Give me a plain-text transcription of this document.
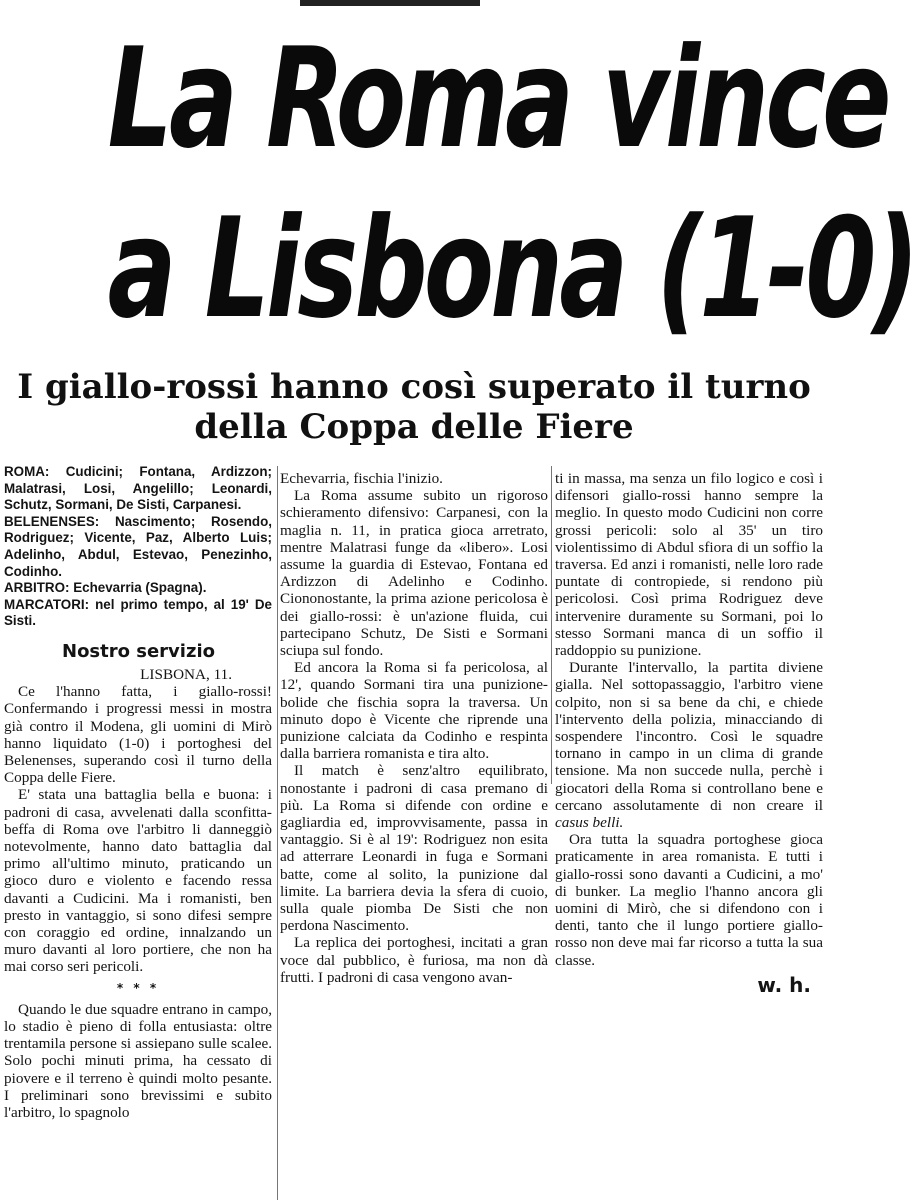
La Roma vince
a Lisbona (1-0)
I giallo-rossi hanno così superato il turno
della Coppa delle Fiere

ROMA: Cudicini; Fontana, Ardizzon; Malatrasi, Losi, Angelillo; Leonardi, Schutz, Sormani, De Sisti, Carpanesi.

BELENENSES: Nascimento; Rosendo, Rodriguez; Vicente, Paz, Alberto Luis; Adelinho, Abdul, Estevao, Penezinho, Codinho.

ARBITRO: Echevarria (Spagna).

MARCATORI: nel primo tempo, al 19' De Sisti.

Nostro servizio
LISBONA, 11.

Ce l'hanno fatta, i giallo-rossi! Confermando i progressi messi in mostra già contro il Modena, gli uomini di Mirò hanno liquidato (1-0) i portoghesi del Belenenses, superando così il turno della Coppa delle Fiere.

E' stata una battaglia bella e buona: i padroni di casa, avvelenati dalla sconfitta-beffa di Roma ove l'arbitro li danneggiò notevolmente, hanno dato battaglia dal primo all'ultimo minuto, praticando un gioco duro e violento e facendo ressa davanti a Cudicini. Ma i romanisti, ben presto in vantaggio, si sono difesi sempre con coraggio ed ordine, innalzando un muro davanti al loro portiere, che non ha mai corso seri pericoli.

* * *

Quando le due squadre entrano in campo, lo stadio è pieno di folla entusiasta: oltre trentamila persone si assiepano sulle scalee. Solo pochi minuti prima, ha cessato di piovere e il terreno è quindi molto pesante. I preliminari sono brevissimi e subito l'arbitro, lo spagnolo

Echevarria, fischia l'inizio.

La Roma assume subito un rigoroso schieramento difensivo: Carpanesi, con la maglia n. 11, in pratica gioca arretrato, mentre Malatrasi funge da «libero». Losi assume la guardia di Estevao, Fontana ed Ardizzon di Adelinho e Codinho. Ciononostante, la prima azione pericolosa è dei giallo-rossi: è un'azione fluida, cui partecipano Schutz, De Sisti e Sormani sciupa sul fondo.

Ed ancora la Roma si fa pericolosa, al 12', quando Sormani tira una punizione-bolide che fischia sopra la traversa. Un minuto dopo è Vicente che riprende una punizione calciata da Codinho e respinta dalla barriera romanista e tira alto.

Il match è senz'altro equilibrato, nonostante i padroni di casa premano di più. La Roma si difende con ordine e gagliardia ed, improvvisamente, passa in vantaggio. Si è al 19': Rodriguez non esita ad atterrare Leonardi in fuga e Sormani batte, come al solito, la punizione dal limite. La barriera devia la sfera di cuoio, sulla quale piomba De Sisti che non perdona Nascimento.

La replica dei portoghesi, incitati a gran voce dal pubblico, è furiosa, ma non dà frutti. I padroni di casa vengono avan-

ti in massa, ma senza un filo logico e così i difensori giallo-rossi hanno sempre la meglio. In questo modo Cudicini non corre grossi pericoli: solo al 35' un tiro violentissimo di Abdul sfiora di un soffio la traversa. Ed anzi i romanisti, nelle loro rade puntate di contropiede, si rendono più pericolosi. Così prima Rodriguez deve intervenire duramente su Sormani, poi lo stesso Sormani manca di un soffio il raddoppio su punizione.

Durante l'intervallo, la partita diviene gialla. Nel sottopassaggio, l'arbitro viene colpito, non si sa bene da chi, e chiede l'intervento della polizia, minacciando di sospendere l'incontro. Così le squadre tornano in campo in un clima di grande tensione. Ma non succede nulla, perchè i giocatori della Roma si controllano bene e cercano assolutamente di non creare il casus belli.

Ora tutta la squadra portoghese gioca praticamente in area romanista. E tutti i giallo-rossi sono davanti a Cudicini, a mo' di bunker. La meglio l'hanno ancora gli uomini di Mirò, che si difendono con i denti, tanto che il lungo portiere giallo-rosso non deve mai far ricorso a tutta la sua classe.

w. h.
